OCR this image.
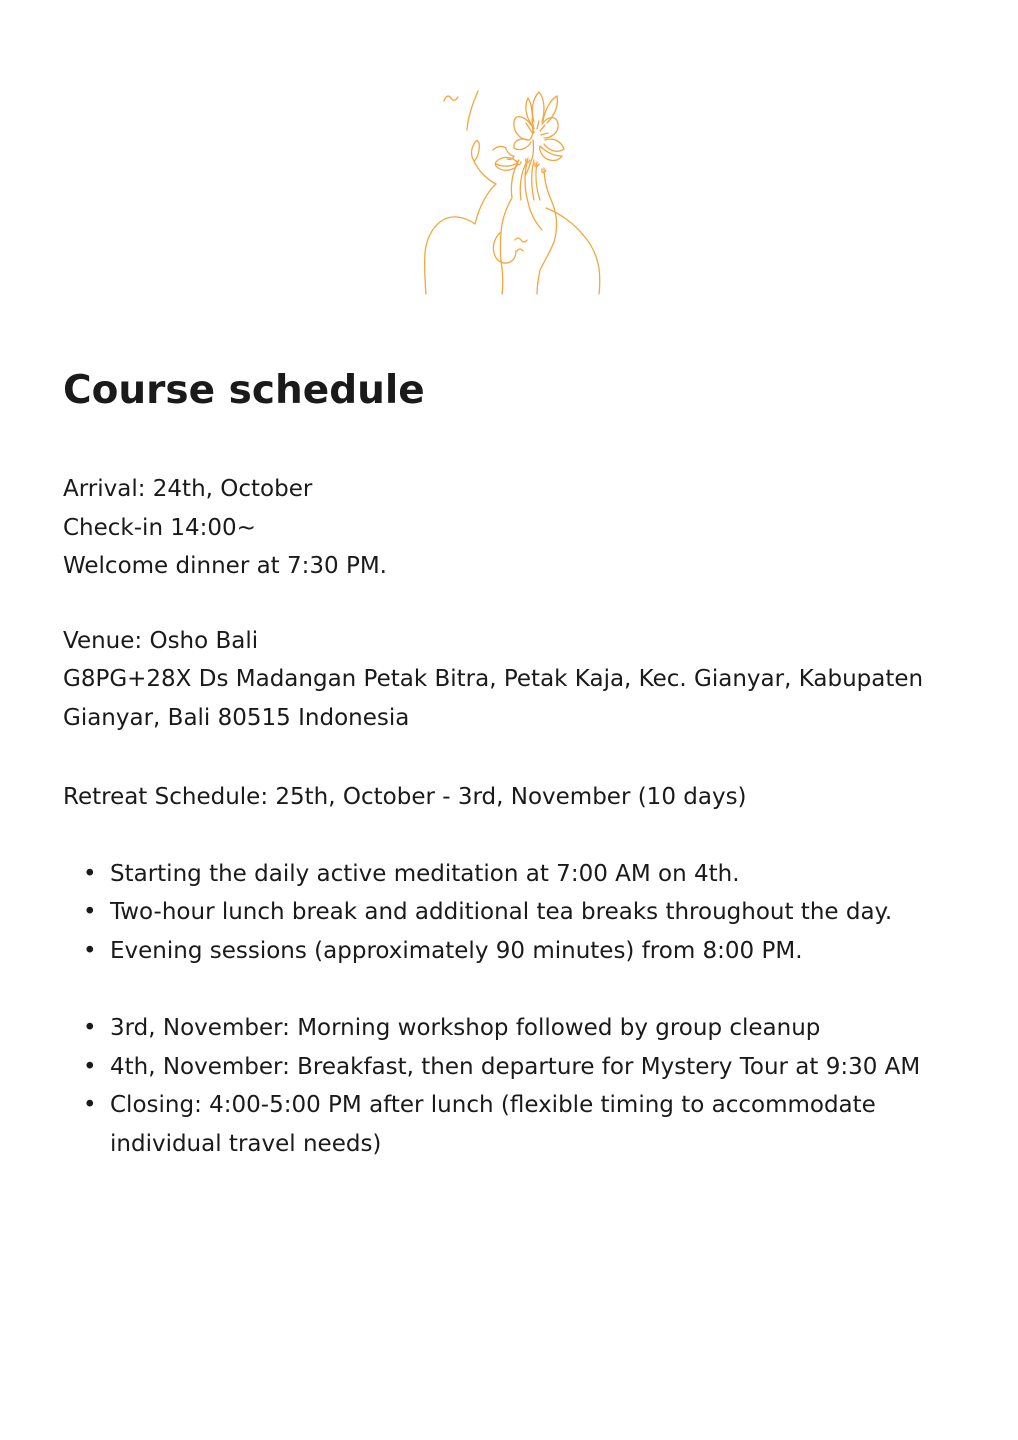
Course schedule
Arrival: 24th, October

Check-in 14:00~

Welcome dinner at 7:30 PM.

Venue: Osho Bali

G8PG+28X Ds Madangan Petak Bitra, Petak Kaja, Kec. Gianyar, Kabupaten Gianyar, Bali 80515 Indonesia

Retreat Schedule: 25th, October - 3rd, November (10 days)
• Starting the daily active meditation at 7:00 AM on 4th.
• Two-hour lunch break and additional tea breaks throughout the day.
• Evening sessions (approximately 90 minutes) from 8:00 PM.
• 3rd, November: Morning workshop followed by group cleanup
• 4th, November: Breakfast, then departure for Mystery Tour at 9:30 AM
• Closing: 4:00-5:00 PM after lunch (flexible timing to accommodate individual travel needs)
